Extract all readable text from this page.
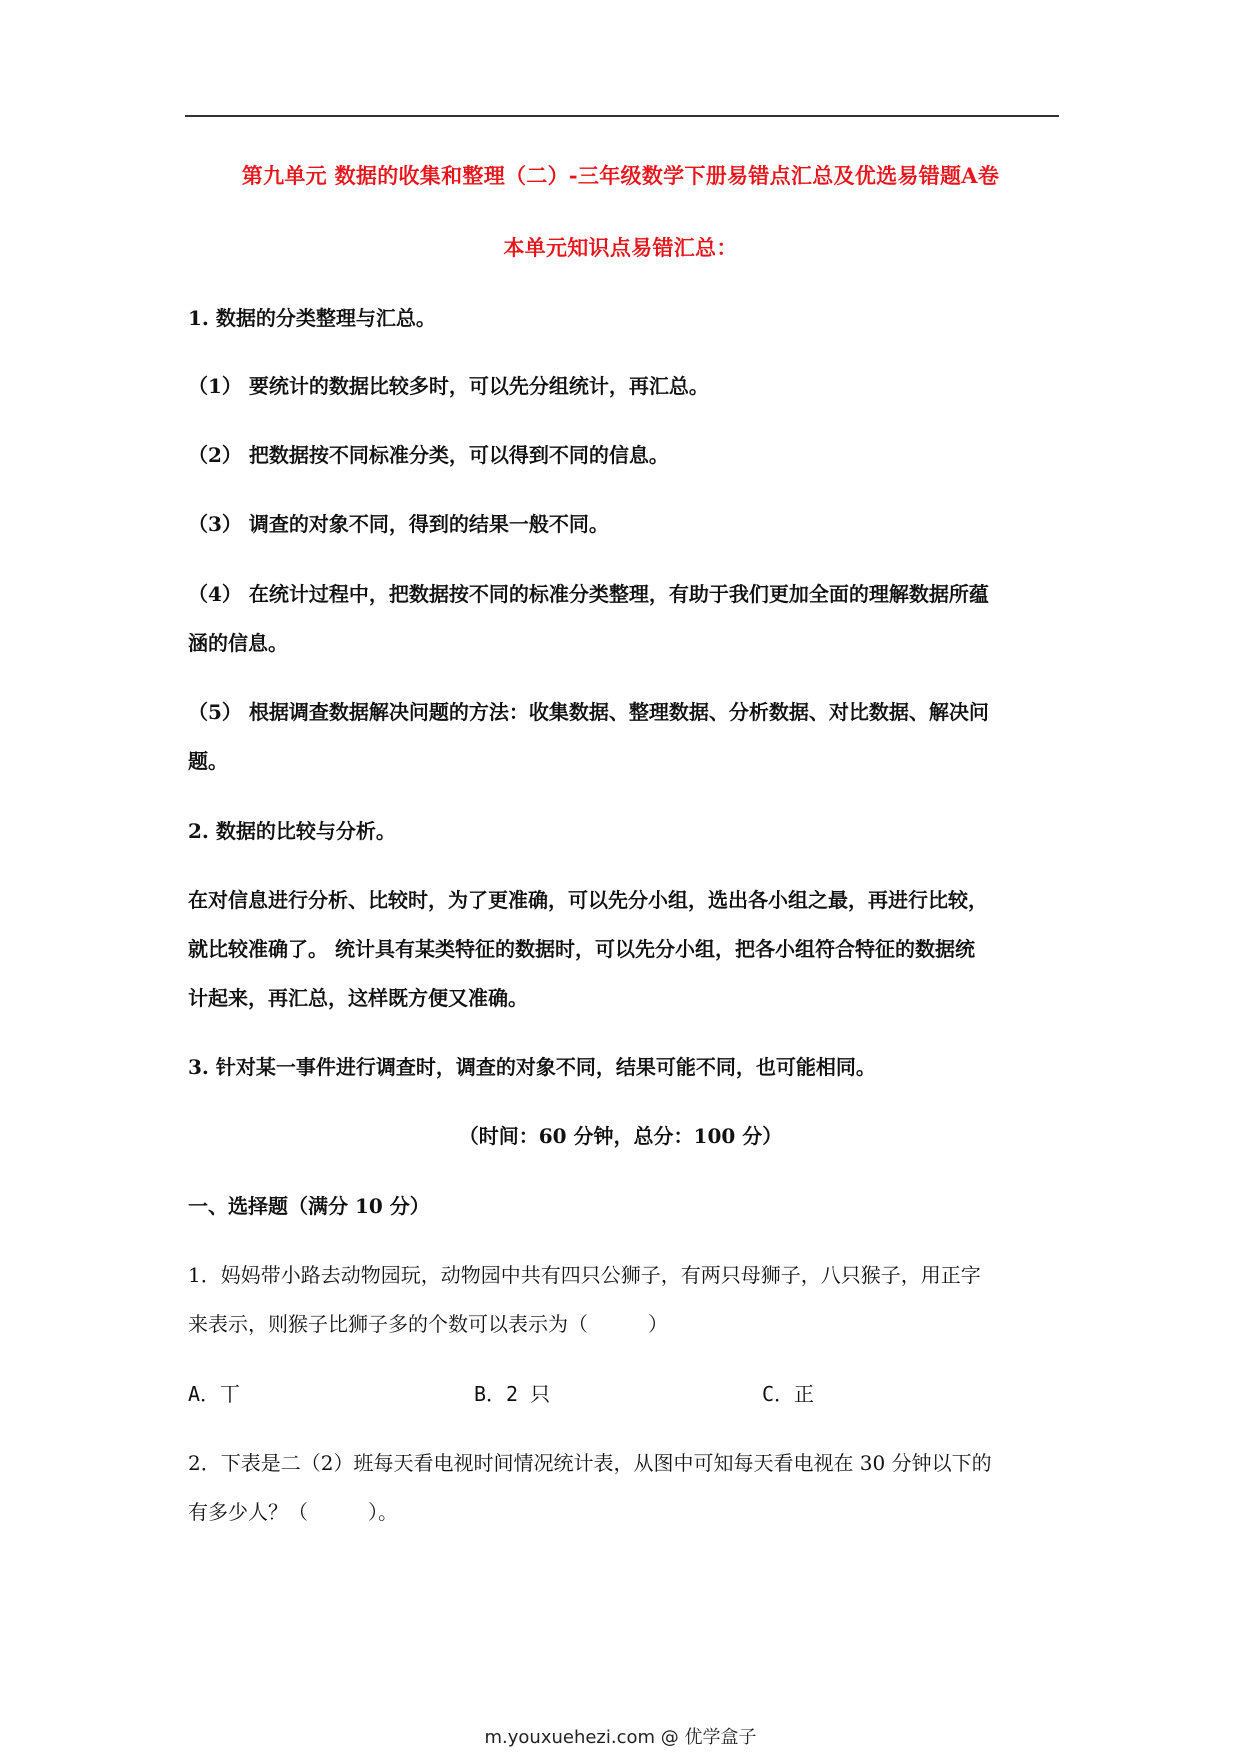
第九单元 数据的收集和整理（二）-三年级数学下册易错点汇总及优选易错题A卷
本单元知识点易错汇总：
1. 数据的分类整理与汇总。
（1） 要统计的数据比较多时，可以先分组统计，再汇总。
（2） 把数据按不同标准分类，可以得到不同的信息。
（3） 调查的对象不同，得到的结果一般不同。
（4） 在统计过程中，把数据按不同的标准分类整理，有助于我们更加全面的理解数据所蕴
涵的信息。
（5） 根据调查数据解决问题的方法：收集数据、整理数据、分析数据、对比数据、解决问
题。
2. 数据的比较与分析。
在对信息进行分析、比较时，为了更准确，可以先分小组，选出各小组之最，再进行比较，
就比较准确了。 统计具有某类特征的数据时，可以先分小组，把各小组符合特征的数据统
计起来，再汇总，这样既方便又准确。
3. 针对某一事件进行调查时，调查的对象不同，结果可能不同，也可能相同。
（时间：60 分钟，总分：100 分）
一、选择题（满分 10 分）
1．妈妈带小路去动物园玩，动物园中共有四只公狮子，有两只母狮子，八只猴子，用正字
来表示，则猴子比狮子多的个数可以表示为（　　　）
A．丅	B．2 只	C．正
2．下表是二（2）班每天看电视时间情况统计表，从图中可知每天看电视在 30 分钟以下的
有多少人？（　　　）。
m.youxuehezi.com @ 优学盒子
